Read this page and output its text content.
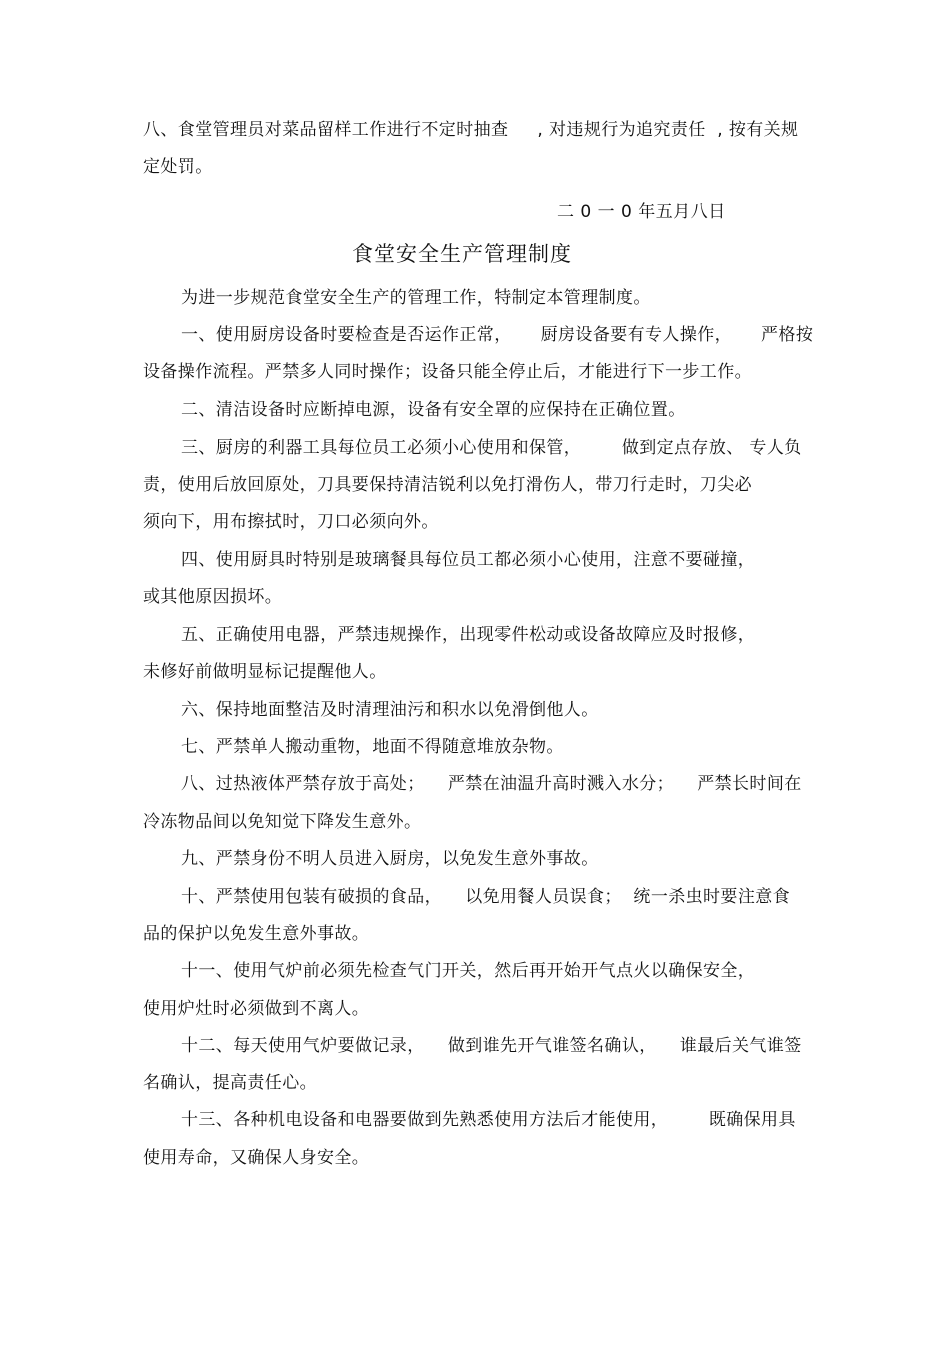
八、食堂管理员对菜品留样工作进行不定时抽查     , 对违规行为追究责任  , 按有关规
定处罚。
二 0 一 0 年五月八日
食堂安全生产管理制度
为进一步规范食堂安全生产的管理工作，特制定本管理制度。
一、使用厨房设备时要检查是否运作正常，     厨房设备要有专人操作，     严格按
设备操作流程。严禁多人同时操作；设备只能全停止后，才能进行下一步工作。
二、清洁设备时应断掉电源，设备有安全罩的应保持在正确位置。
三、厨房的利器工具每位员工必须小心使用和保管，       做到定点存放、 专人负
责，使用后放回原处，刀具要保持清洁锐利以免打滑伤人，带刀行走时，刀尖必
须向下，用布擦拭时，刀口必须向外。
四、使用厨具时特别是玻璃餐具每位员工都必须小心使用，注意不要碰撞，
或其他原因损坏。
五、正确使用电器，严禁违规操作，出现零件松动或设备故障应及时报修，
未修好前做明显标记提醒他人。
六、保持地面整洁及时清理油污和积水以免滑倒他人。
七、严禁单人搬动重物，地面不得随意堆放杂物。
八、过热液体严禁存放于高处；    严禁在油温升高时溅入水分；    严禁长时间在
冷冻物品间以免知觉下降发生意外。
九、严禁身份不明人员进入厨房，以免发生意外事故。
十、严禁使用包装有破损的食品，    以免用餐人员误食；  统一杀虫时要注意食
品的保护以免发生意外事故。
十一、使用气炉前必须先检查气门开关，然后再开始开气点火以确保安全，
使用炉灶时必须做到不离人。
十二、每天使用气炉要做记录，    做到谁先开气谁签名确认，    谁最后关气谁签
名确认，提高责任心。
十三、各种机电设备和电器要做到先熟悉使用方法后才能使用，       既确保用具
使用寿命，又确保人身安全。
